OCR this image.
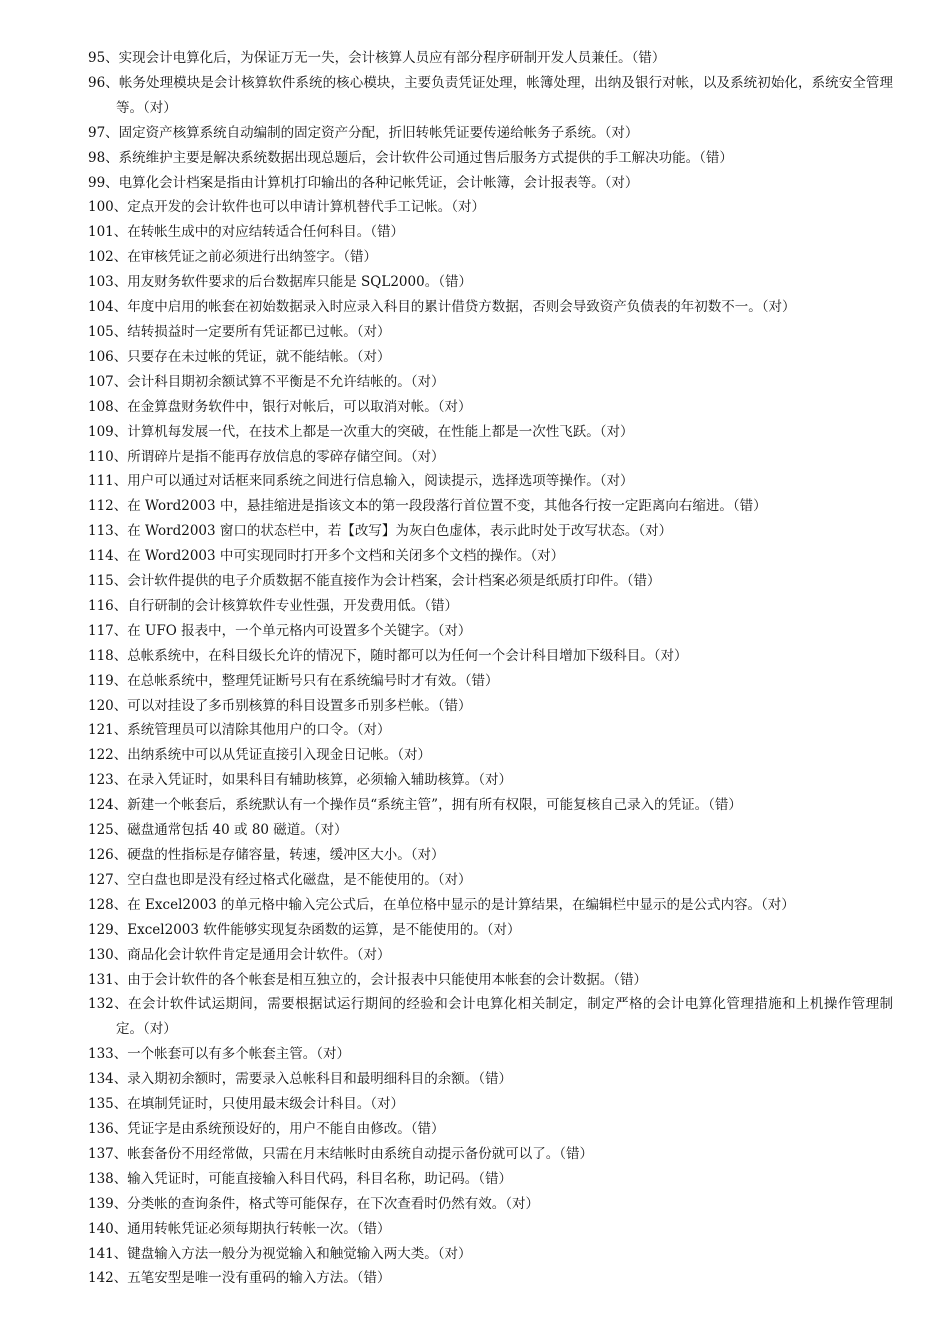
95、实现会计电算化后，为保证万无一失，会计核算人员应有部分程序研制开发人员兼任。（错）
96、帐务处理模块是会计核算软件系统的核心模块，主要负责凭证处理，帐簿处理，出纳及银行对帐，以及系统初始化，系统安全管理等。（对）
97、固定资产核算系统自动编制的固定资产分配，折旧转帐凭证要传递给帐务子系统。（对）
98、系统维护主要是解决系统数据出现总题后，会计软件公司通过售后服务方式提供的手工解决功能。（错）
99、电算化会计档案是指由计算机打印输出的各种记帐凭证，会计帐簿，会计报表等。（对）
100、定点开发的会计软件也可以申请计算机替代手工记帐。（对）
101、在转帐生成中的对应结转适合任何科目。（错）
102、在审核凭证之前必须进行出纳签字。（错）
103、用友财务软件要求的后台数据库只能是 SQL2000。（错）
104、年度中启用的帐套在初始数据录入时应录入科目的累计借贷方数据，否则会导致资产负债表的年初数不一。（对）
105、结转损益时一定要所有凭证都已过帐。（对）
106、只要存在未过帐的凭证，就不能结帐。（对）
107、会计科目期初余额试算不平衡是不允许结帐的。（对）
108、在金算盘财务软件中，银行对帐后，可以取消对帐。（对）
109、计算机每发展一代，在技术上都是一次重大的突破，在性能上都是一次性飞跃。（对）
110、所谓碎片是指不能再存放信息的零碎存储空间。（对）
111、用户可以通过对话框来同系统之间进行信息输入，阅读提示，选择选项等操作。（对）
112、在 Word2003 中，悬挂缩进是指该文本的第一段段落行首位置不变，其他各行按一定距离向右缩进。（错）
113、在 Word2003 窗口的状态栏中，若【改写】为灰白色虚体，表示此时处于改写状态。（对）
114、在 Word2003 中可实现同时打开多个文档和关闭多个文档的操作。（对）
115、会计软件提供的电子介质数据不能直接作为会计档案，会计档案必须是纸质打印件。（错）
116、自行研制的会计核算软件专业性强，开发费用低。（错）
117、在 UFO 报表中，一个单元格内可设置多个关键字。（对）
118、总帐系统中，在科目级长允许的情况下，随时都可以为任何一个会计科目增加下级科目。（对）
119、在总帐系统中，整理凭证断号只有在系统编号时才有效。（错）
120、可以对挂设了多币别核算的科目设置多币别多栏帐。（错）
121、系统管理员可以清除其他用户的口令。（对）
122、出纳系统中可以从凭证直接引入现金日记帐。（对）
123、在录入凭证时，如果科目有辅助核算，必须输入辅助核算。（对）
124、新建一个帐套后，系统默认有一个操作员“系统主管”，拥有所有权限，可能复核自己录入的凭证。（错）
125、磁盘通常包括 40 或 80 磁道。（对）
126、硬盘的性指标是存储容量，转速，缓冲区大小。（对）
127、空白盘也即是没有经过格式化磁盘，是不能使用的。（对）
128、在 Excel2003 的单元格中输入完公式后，在单位格中显示的是计算结果，在编辑栏中显示的是公式内容。（对）
129、Excel2003 软件能够实现复杂函数的运算，是不能使用的。（对）
130、商品化会计软件肯定是通用会计软件。（对）
131、由于会计软件的各个帐套是相互独立的，会计报表中只能使用本帐套的会计数据。（错）
132、在会计软件试运期间，需要根据试运行期间的经验和会计电算化相关制定，制定严格的会计电算化管理措施和上机操作管理制定。（对）
133、一个帐套可以有多个帐套主管。（对）
134、录入期初余额时，需要录入总帐科目和最明细科目的余额。（错）
135、在填制凭证时，只使用最末级会计科目。（对）
136、凭证字是由系统预设好的，用户不能自由修改。（错）
137、帐套备份不用经常做，只需在月末结帐时由系统自动提示备份就可以了。（错）
138、输入凭证时，可能直接输入科目代码，科目名称，助记码。（错）
139、分类帐的查询条件，格式等可能保存，在下次查看时仍然有效。（对）
140、通用转帐凭证必须每期执行转帐一次。（错）
141、键盘输入方法一般分为视觉输入和触觉输入两大类。（对）
142、五笔安型是唯一没有重码的输入方法。（错）
